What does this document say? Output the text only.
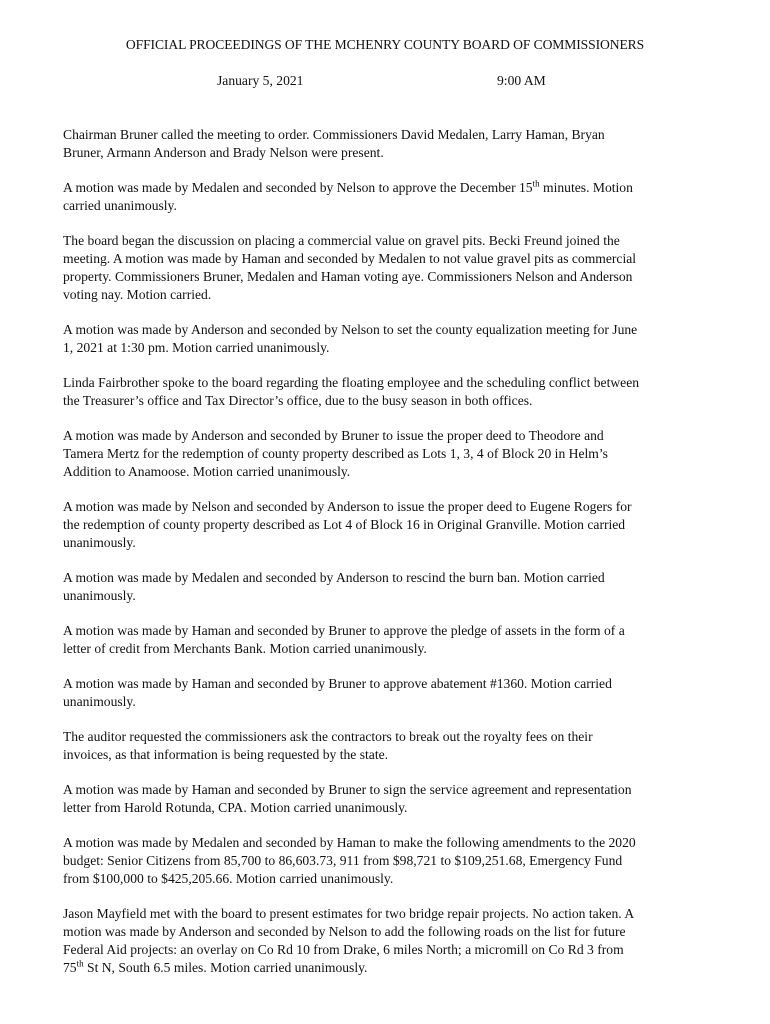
OFFICIAL PROCEEDINGS OF THE MCHENRY COUNTY BOARD OF COMMISSIONERS
January 5, 2021	9:00 AM

Chairman Bruner called the meeting to order. Commissioners David Medalen, Larry Haman, Bryan
Bruner, Armann Anderson and Brady Nelson were present.

A motion was made by Medalen and seconded by Nelson to approve the December 15th minutes. Motion
carried unanimously.

The board began the discussion on placing a commercial value on gravel pits. Becki Freund joined the
meeting. A motion was made by Haman and seconded by Medalen to not value gravel pits as commercial
property. Commissioners Bruner, Medalen and Haman voting aye. Commissioners Nelson and Anderson
voting nay. Motion carried.

A motion was made by Anderson and seconded by Nelson to set the county equalization meeting for June
1, 2021 at 1:30 pm. Motion carried unanimously.

Linda Fairbrother spoke to the board regarding the floating employee and the scheduling conflict between
the Treasurer’s office and Tax Director’s office, due to the busy season in both offices.

A motion was made by Anderson and seconded by Bruner to issue the proper deed to Theodore and
Tamera Mertz for the redemption of county property described as Lots 1, 3, 4 of Block 20 in Helm’s
Addition to Anamoose. Motion carried unanimously.

A motion was made by Nelson and seconded by Anderson to issue the proper deed to Eugene Rogers for
the redemption of county property described as Lot 4 of Block 16 in Original Granville. Motion carried
unanimously.

A motion was made by Medalen and seconded by Anderson to rescind the burn ban. Motion carried
unanimously.

A motion was made by Haman and seconded by Bruner to approve the pledge of assets in the form of a
letter of credit from Merchants Bank. Motion carried unanimously.

A motion was made by Haman and seconded by Bruner to approve abatement #1360. Motion carried
unanimously.

The auditor requested the commissioners ask the contractors to break out the royalty fees on their
invoices, as that information is being requested by the state.

A motion was made by Haman and seconded by Bruner to sign the service agreement and representation
letter from Harold Rotunda, CPA. Motion carried unanimously.

A motion was made by Medalen and seconded by Haman to make the following amendments to the 2020
budget: Senior Citizens from 85,700 to 86,603.73, 911 from $98,721 to $109,251.68, Emergency Fund
from $100,000 to $425,205.66. Motion carried unanimously.

Jason Mayfield met with the board to present estimates for two bridge repair projects. No action taken. A
motion was made by Anderson and seconded by Nelson to add the following roads on the list for future
Federal Aid projects: an overlay on Co Rd 10 from Drake, 6 miles North; a micromill on Co Rd 3 from
75th St N, South 6.5 miles. Motion carried unanimously.
